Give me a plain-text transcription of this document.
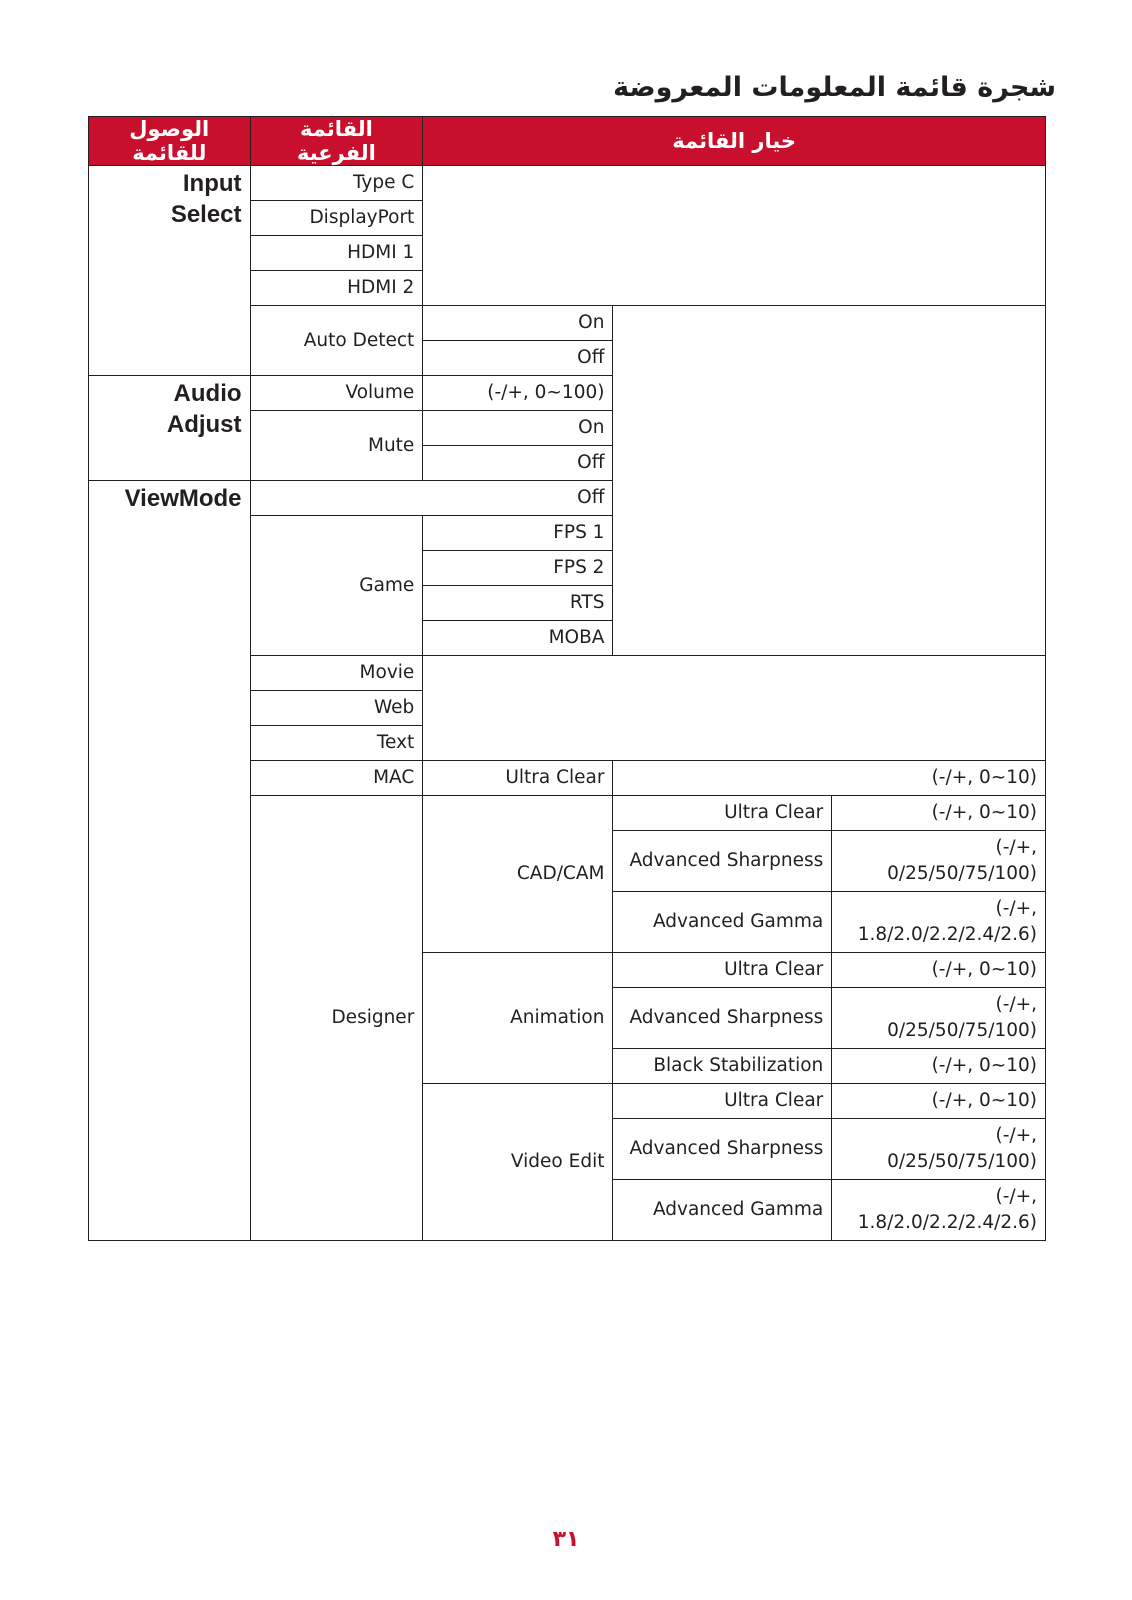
شجرة قائمة المعلومات المعروضة
الوصول للقائمة	القائمة الفرعية	خيار القائمة		

Input
Select	Type C			
	DisplayPort			
	HDMI 1			
	HDMI 2			
	Auto Detect	On		
		Off		

Audio
Adjust	Volume	(-/+, 0~100)		
	Mute	On		
		Off		
ViewMode	Off			
	Game	FPS 1		
		FPS 2		
		RTS		
		MOBA		
	Movie			
	Web			
	Text			
	MAC	Ultra Clear	(-/+, 0~10)	
	Designer	CAD/CAM	Ultra Clear	(-/+, 0~10)
			Advanced Sharpness	(-/+,
0/25/50/75/100)

			Advanced Gamma	(-/+,
1.8/2.0/2.2/2.4/2.6)

		Animation	Ultra Clear	(-/+, 0~10)
			Advanced Sharpness	(-/+,
0/25/50/75/100)

			Black Stabilization	(-/+, 0~10)
		Video Edit	Ultra Clear	(-/+, 0~10)
			Advanced Sharpness	(-/+,
0/25/50/75/100)

			Advanced Gamma	(-/+,
1.8/2.0/2.2/2.4/2.6)
٣١
